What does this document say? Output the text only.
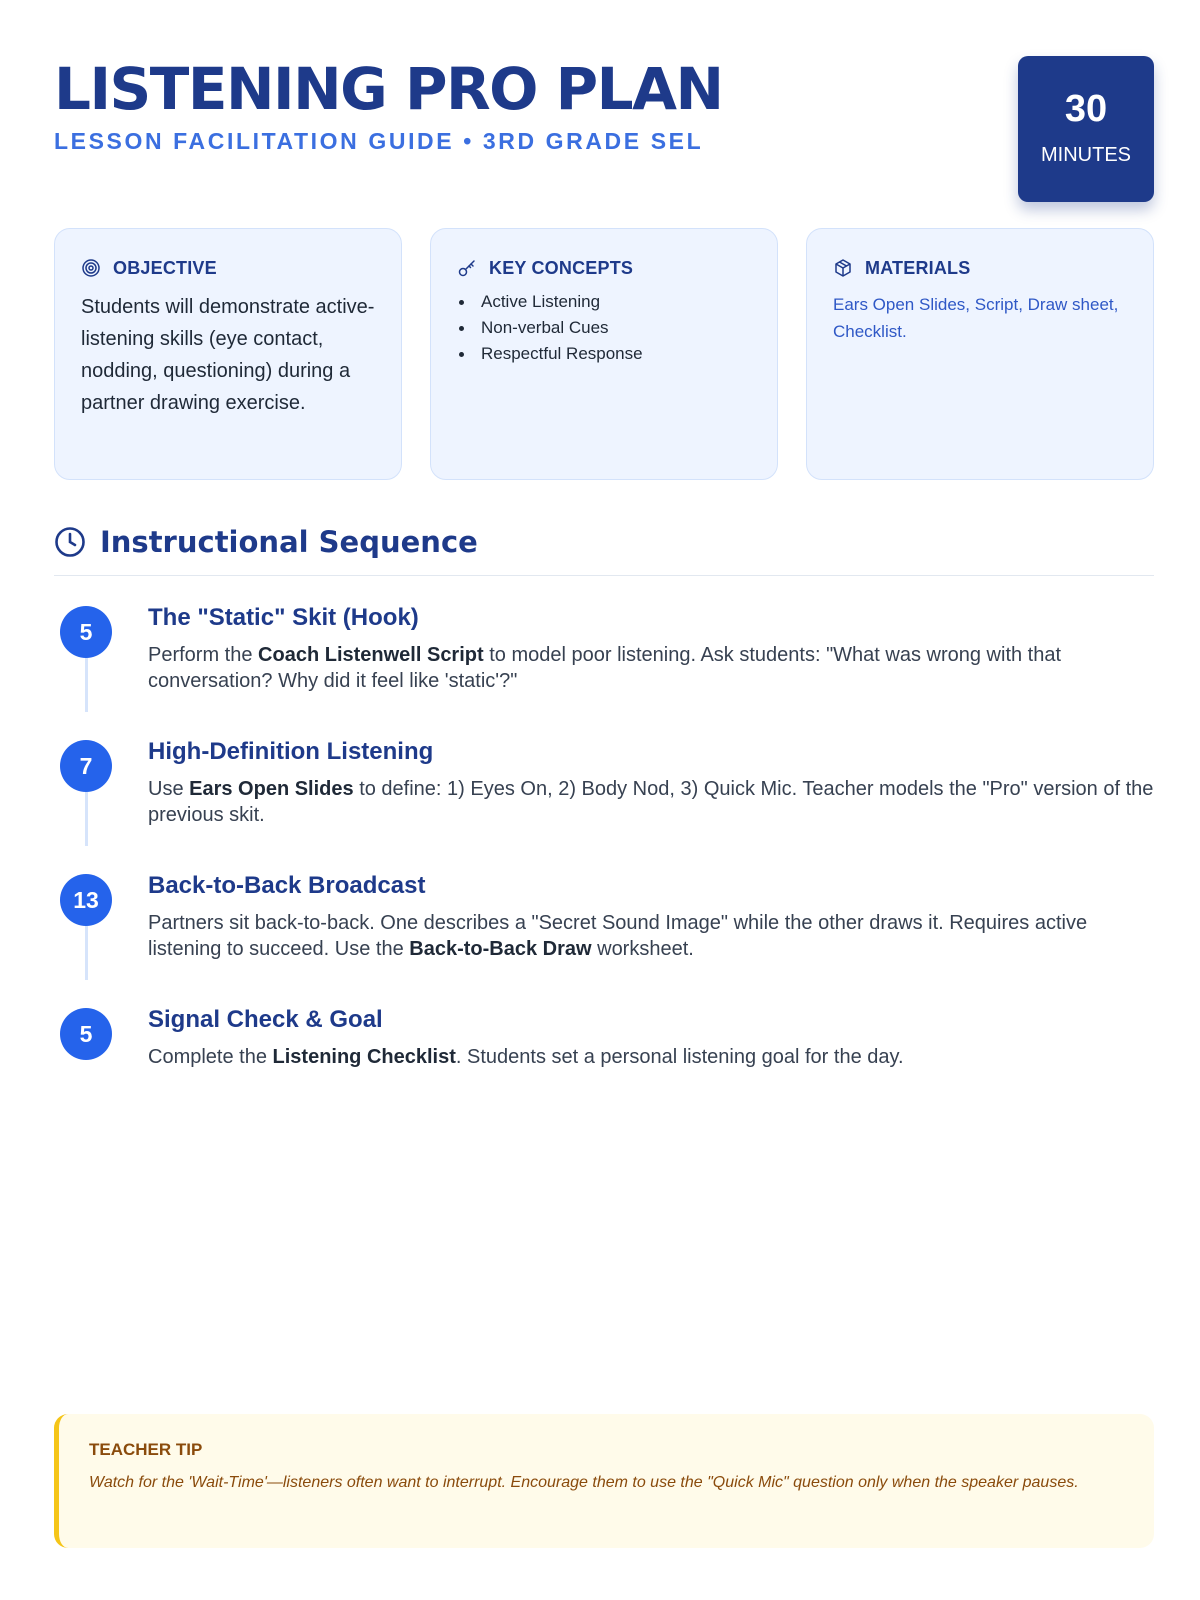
LISTENING PRO PLAN
LESSON FACILITATION GUIDE • 3RD GRADE SEL
30
MINUTES
OBJECTIVE

Students will demonstrate active-listening skills (eye contact, nodding, questioning) during a partner drawing exercise.

KEY CONCEPTS
Active Listening
Non-verbal Cues
Respectful Response
MATERIALS

Ears Open Slides, Script, Draw sheet, Checklist.

Instructional Sequence
5
The "Static" Skit (Hook)

Perform the Coach Listenwell Script to model poor listening. Ask students: "What was wrong with that conversation? Why did it feel like 'static'?"

7
High-Definition Listening

Use Ears Open Slides to define: 1) Eyes On, 2) Body Nod, 3) Quick Mic. Teacher models the "Pro" version of the previous skit.

13
Back-to-Back Broadcast

Partners sit back-to-back. One describes a "Secret Sound Image" while the other draws it. Requires active listening to succeed. Use the Back-to-Back Draw worksheet.

5
Signal Check & Goal

Complete the Listening Checklist. Students set a personal listening goal for the day.

TEACHER TIP

Watch for the 'Wait-Time'—listeners often want to interrupt. Encourage them to use the "Quick Mic" question only when the speaker pauses.
